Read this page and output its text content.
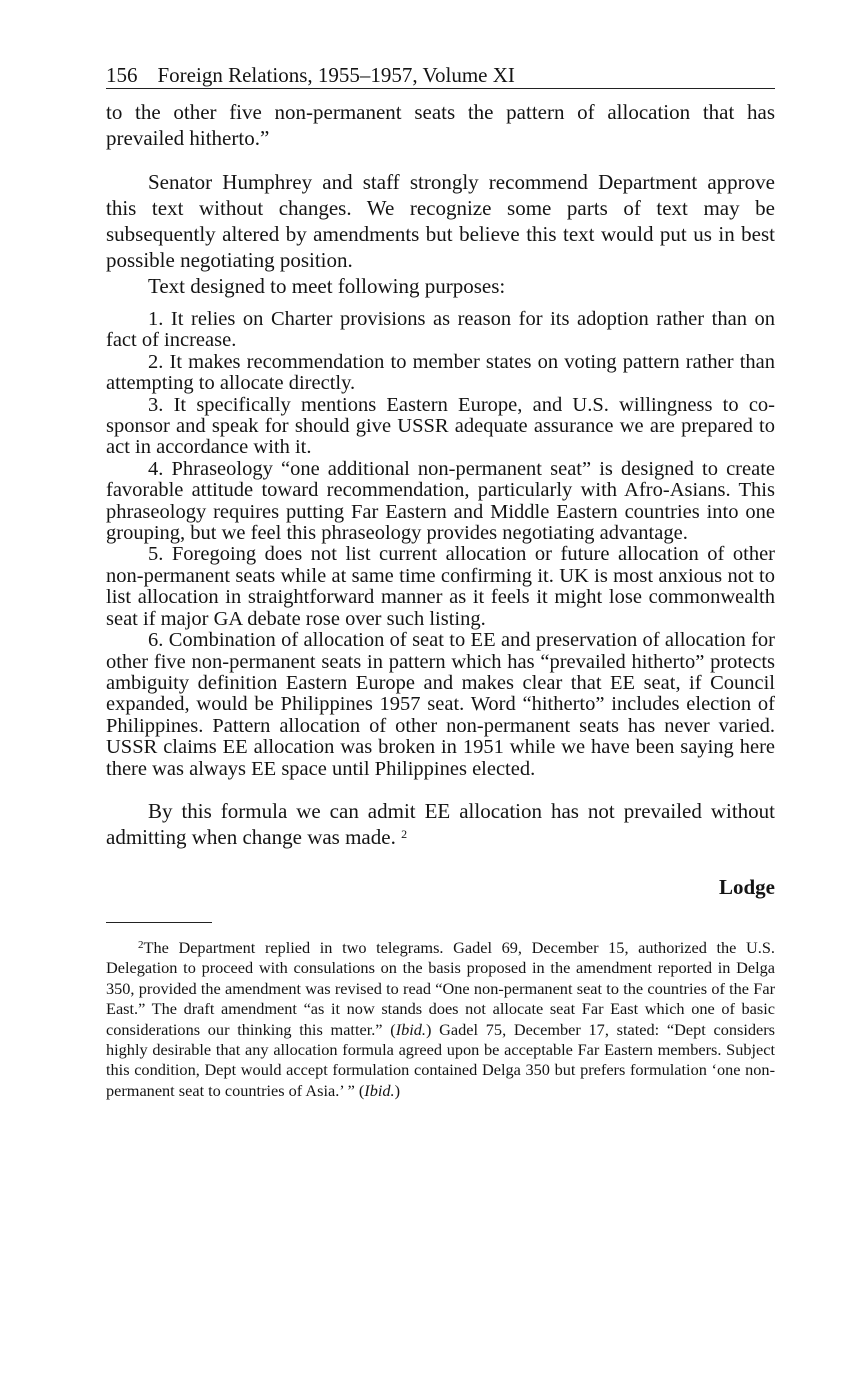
156 Foreign Relations, 1955–1957, Volume XI

to the other five non-permanent seats the pattern of allocation that has prevailed hitherto.”

Senator Humphrey and staff strongly recommend Department approve this text without changes. We recognize some parts of text may be subsequently altered by amendments but believe this text would put us in best possible negotiating position.

Text designed to meet following purposes:

1. It relies on Charter provisions as reason for its adoption rather than on fact of increase.

2. It makes recommendation to member states on voting pattern rather than attempting to allocate directly.

3. It specifically mentions Eastern Europe, and U.S. willingness to co-sponsor and speak for should give USSR adequate assurance we are prepared to act in accordance with it.

4. Phraseology “one additional non-permanent seat” is designed to create favorable attitude toward recommendation, particularly with Afro-Asians. This phraseology requires putting Far Eastern and Middle Eastern countries into one grouping, but we feel this phraseology provides negotiating advantage.

5. Foregoing does not list current allocation or future allocation of other non-permanent seats while at same time confirming it. UK is most anxious not to list allocation in straightforward manner as it feels it might lose commonwealth seat if major GA debate rose over such listing.

6. Combination of allocation of seat to EE and preservation of allocation for other five non-permanent seats in pattern which has “prevailed hitherto” protects ambiguity definition Eastern Europe and makes clear that EE seat, if Council expanded, would be Philippines 1957 seat. Word “hitherto” includes election of Philippines. Pattern allocation of other non-permanent seats has never varied. USSR claims EE allocation was broken in 1951 while we have been saying here there was always EE space until Philippines elected.

By this formula we can admit EE allocation has not prevailed without admitting when change was made. $^2$

Lodge

$^2$The Department replied in two telegrams. Gadel 69, December 15, authorized the U.S. Delegation to proceed with consulations on the basis proposed in the amendment reported in Delga 350, provided the amendment was revised to read “One non-permanent seat to the countries of the Far East.” The draft amendment “as it now stands does not allocate seat Far East which one of basic considerations our thinking this matter.” (Ibid.) Gadel 75, December 17, stated: “Dept considers highly desirable that any allocation formula agreed upon be acceptable Far Eastern members. Subject this condition, Dept would accept formulation contained Delga 350 but prefers formulation ‘one non-permanent seat to countries of Asia.’ ” (Ibid.)
